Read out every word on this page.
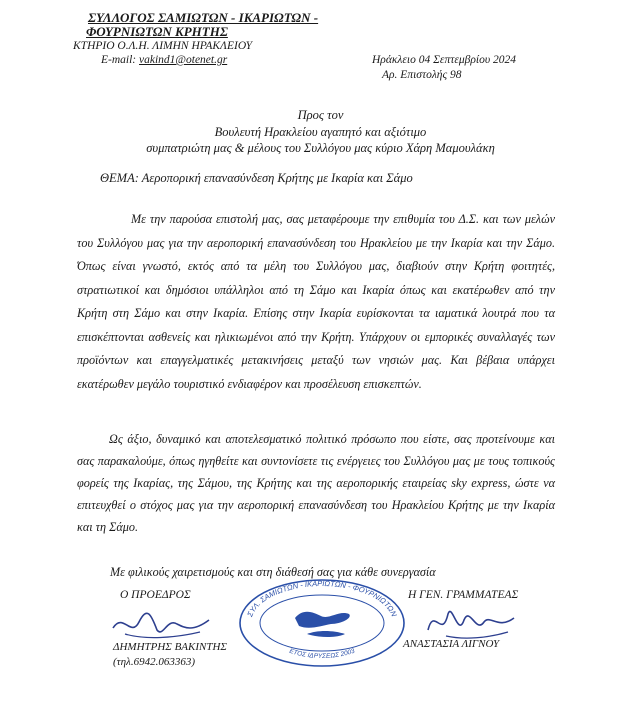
ΣΥΛΛΟΓΟΣ ΣΑΜΙΩΤΩΝ - ΙΚΑΡΙΩΤΩΝ -
ΦΟΥΡΝΙΩΤΩΝ ΚΡΗΤΗΣ
ΚΤΗΡΙΟ Ο.Λ.Η. ΛΙΜΗΝ ΗΡΑΚΛΕΙΟΥ
E-mail: vakind1@otenet.gr	Ηράκλειο 04 Σεπτεμβρίου 2024
Αρ. Επιστολής 98
Προς τον
Βουλευτή Ηρακλείου αγαπητό και αξιότιμο
συμπατριώτη μας & μέλους του Συλλόγου μας κύριο Χάρη Μαμουλάκη
ΘΕΜΑ: Αεροπορική επανασύνδεση Κρήτης με Ικαρία και Σάμο

Με την παρούσα επιστολή μας, σας μεταφέρουμε την επιθυμία του Δ.Σ. και των μελών του Συλλόγου μας για την αεροπορική επανασύνδεση του Ηρακλείου με την Ικαρία και την Σάμο. Όπως είναι γνωστό, εκτός από τα μέλη του Συλλόγου μας, διαβιούν στην Κρήτη φοιτητές, στρατιωτικοί και δημόσιοι υπάλληλοι από τη Σάμο και Ικαρία όπως και εκατέρωθεν από την Κρήτη στη Σάμο και στην Ικαρία. Επίσης στην Ικαρία ευρίσκονται τα ιαματικά λουτρά που τα επισκέπτονται ασθενείς και ηλικιωμένοι από την Κρήτη. Υπάρχουν οι εμπορικές συναλλαγές των προϊόντων και επαγγελματικές μετακινήσεις μεταξύ των νησιών μας. Και βέβαια υπάρχει εκατέρωθεν μεγάλο τουριστικό ενδιαφέρον και προσέλευση επισκεπτών.

Ως άξιο, δυναμικό και αποτελεσματικό πολιτικό πρόσωπο που είστε, σας προτείνουμε και σας παρακαλούμε, όπως ηγηθείτε και συντονίσετε τις ενέργειες του Συλλόγου μας με τους τοπικούς φορείς της Ικαρίας, της Σάμου, της Κρήτης και της αεροπορικής εταιρείας sky express, ώστε να επιτευχθεί ο στόχος μας για την αεροπορική επανασύνδεση του Ηρακλείου Κρήτης με την Ικαρία και τη Σάμο.

Με φιλικούς χαιρετισμούς και στη διάθεσή σας για κάθε συνεργασία
Ο ΠΡΟΕΔΡΟΣ	Η ΓΕΝ. ΓΡΑΜΜΑΤΕΑΣ
ΣΥΛ. ΣΑΜΙΩΤΩΝ - ΙΚΑΡΙΩΤΩΝ - ΦΟΥΡΝΙΩΤΩΝ
ΕΤΟΣ ΙΔΡΥΣΕΩΣ 2003
ΔΗΜΗΤΡΗΣ ΒΑΚΙΝΤΗΣ
(τηλ.6942.063363)
ΑΝΑΣΤΑΣΙΑ ΛΙΓΝΟΥ
